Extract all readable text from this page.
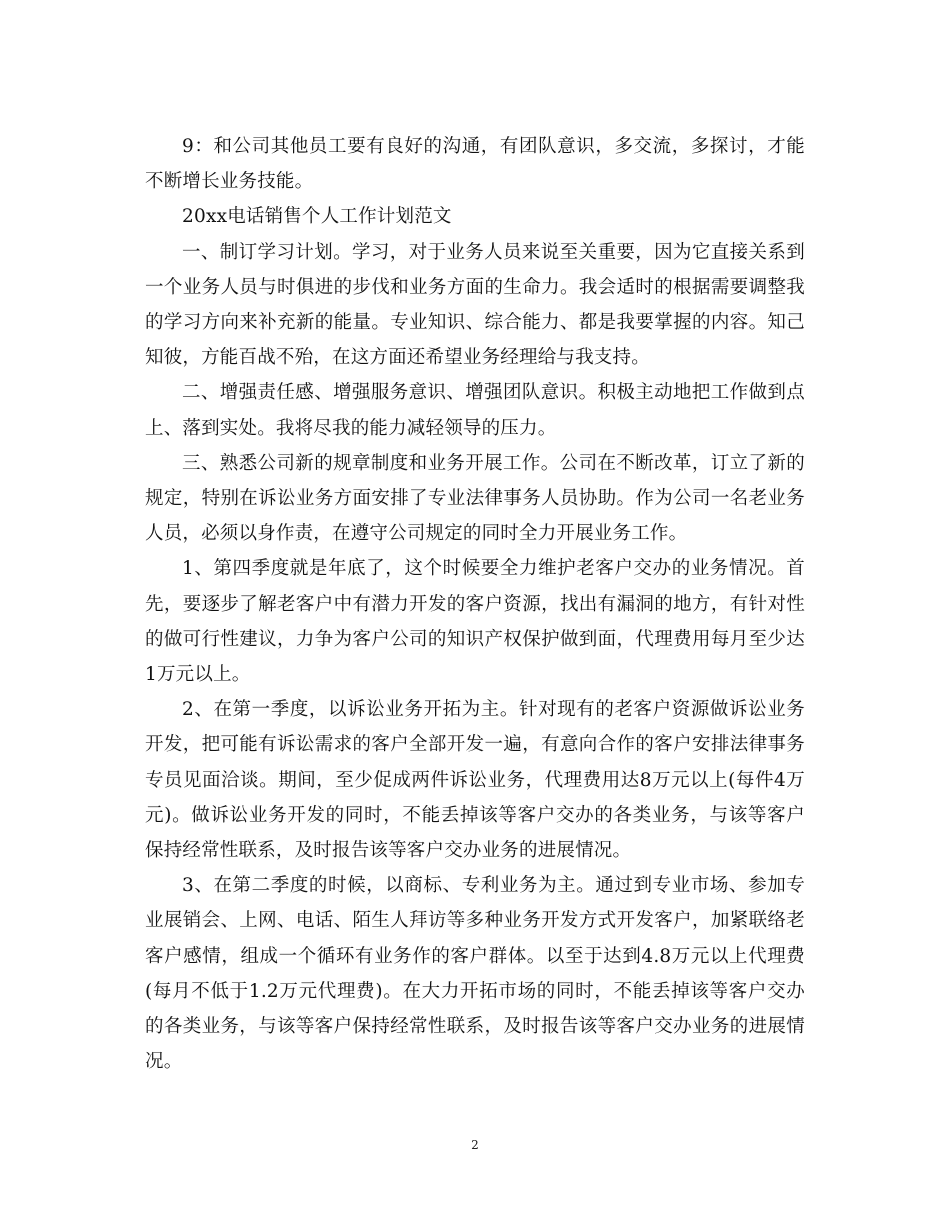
9：和公司其他员工要有良好的沟通，有团队意识，多交流，多探讨，才能不断增长业务技能。

20xx电话销售个人工作计划范文

一、制订学习计划。学习，对于业务人员来说至关重要，因为它直接关系到一个业务人员与时俱进的步伐和业务方面的生命力。我会适时的根据需要调整我的学习方向来补充新的能量。专业知识、综合能力、都是我要掌握的内容。知己知彼，方能百战不殆，在这方面还希望业务经理给与我支持。

二、增强责任感、增强服务意识、增强团队意识。积极主动地把工作做到点上、落到实处。我将尽我的能力减轻领导的压力。

三、熟悉公司新的规章制度和业务开展工作。公司在不断改革，订立了新的规定，特别在诉讼业务方面安排了专业法律事务人员协助。作为公司一名老业务人员，必须以身作责，在遵守公司规定的同时全力开展业务工作。

1、第四季度就是年底了，这个时候要全力维护老客户交办的业务情况。首先，要逐步了解老客户中有潜力开发的客户资源，找出有漏洞的地方，有针对性的做可行性建议，力争为客户公司的知识产权保护做到面，代理费用每月至少达1万元以上。

2、在第一季度，以诉讼业务开拓为主。针对现有的老客户资源做诉讼业务开发，把可能有诉讼需求的客户全部开发一遍，有意向合作的客户安排法律事务专员见面洽谈。期间，至少促成两件诉讼业务，代理费用达8万元以上(每件4万元)。做诉讼业务开发的同时，不能丢掉该等客户交办的各类业务，与该等客户保持经常性联系，及时报告该等客户交办业务的进展情况。

3、在第二季度的时候，以商标、专利业务为主。通过到专业市场、参加专业展销会、上网、电话、陌生人拜访等多种业务开发方式开发客户，加紧联络老客户感情，组成一个循环有业务作的客户群体。以至于达到4.8万元以上代理费(每月不低于1.2万元代理费)。在大力开拓市场的同时，不能丢掉该等客户交办的各类业务，与该等客户保持经常性联系，及时报告该等客户交办业务的进展情况。

2
